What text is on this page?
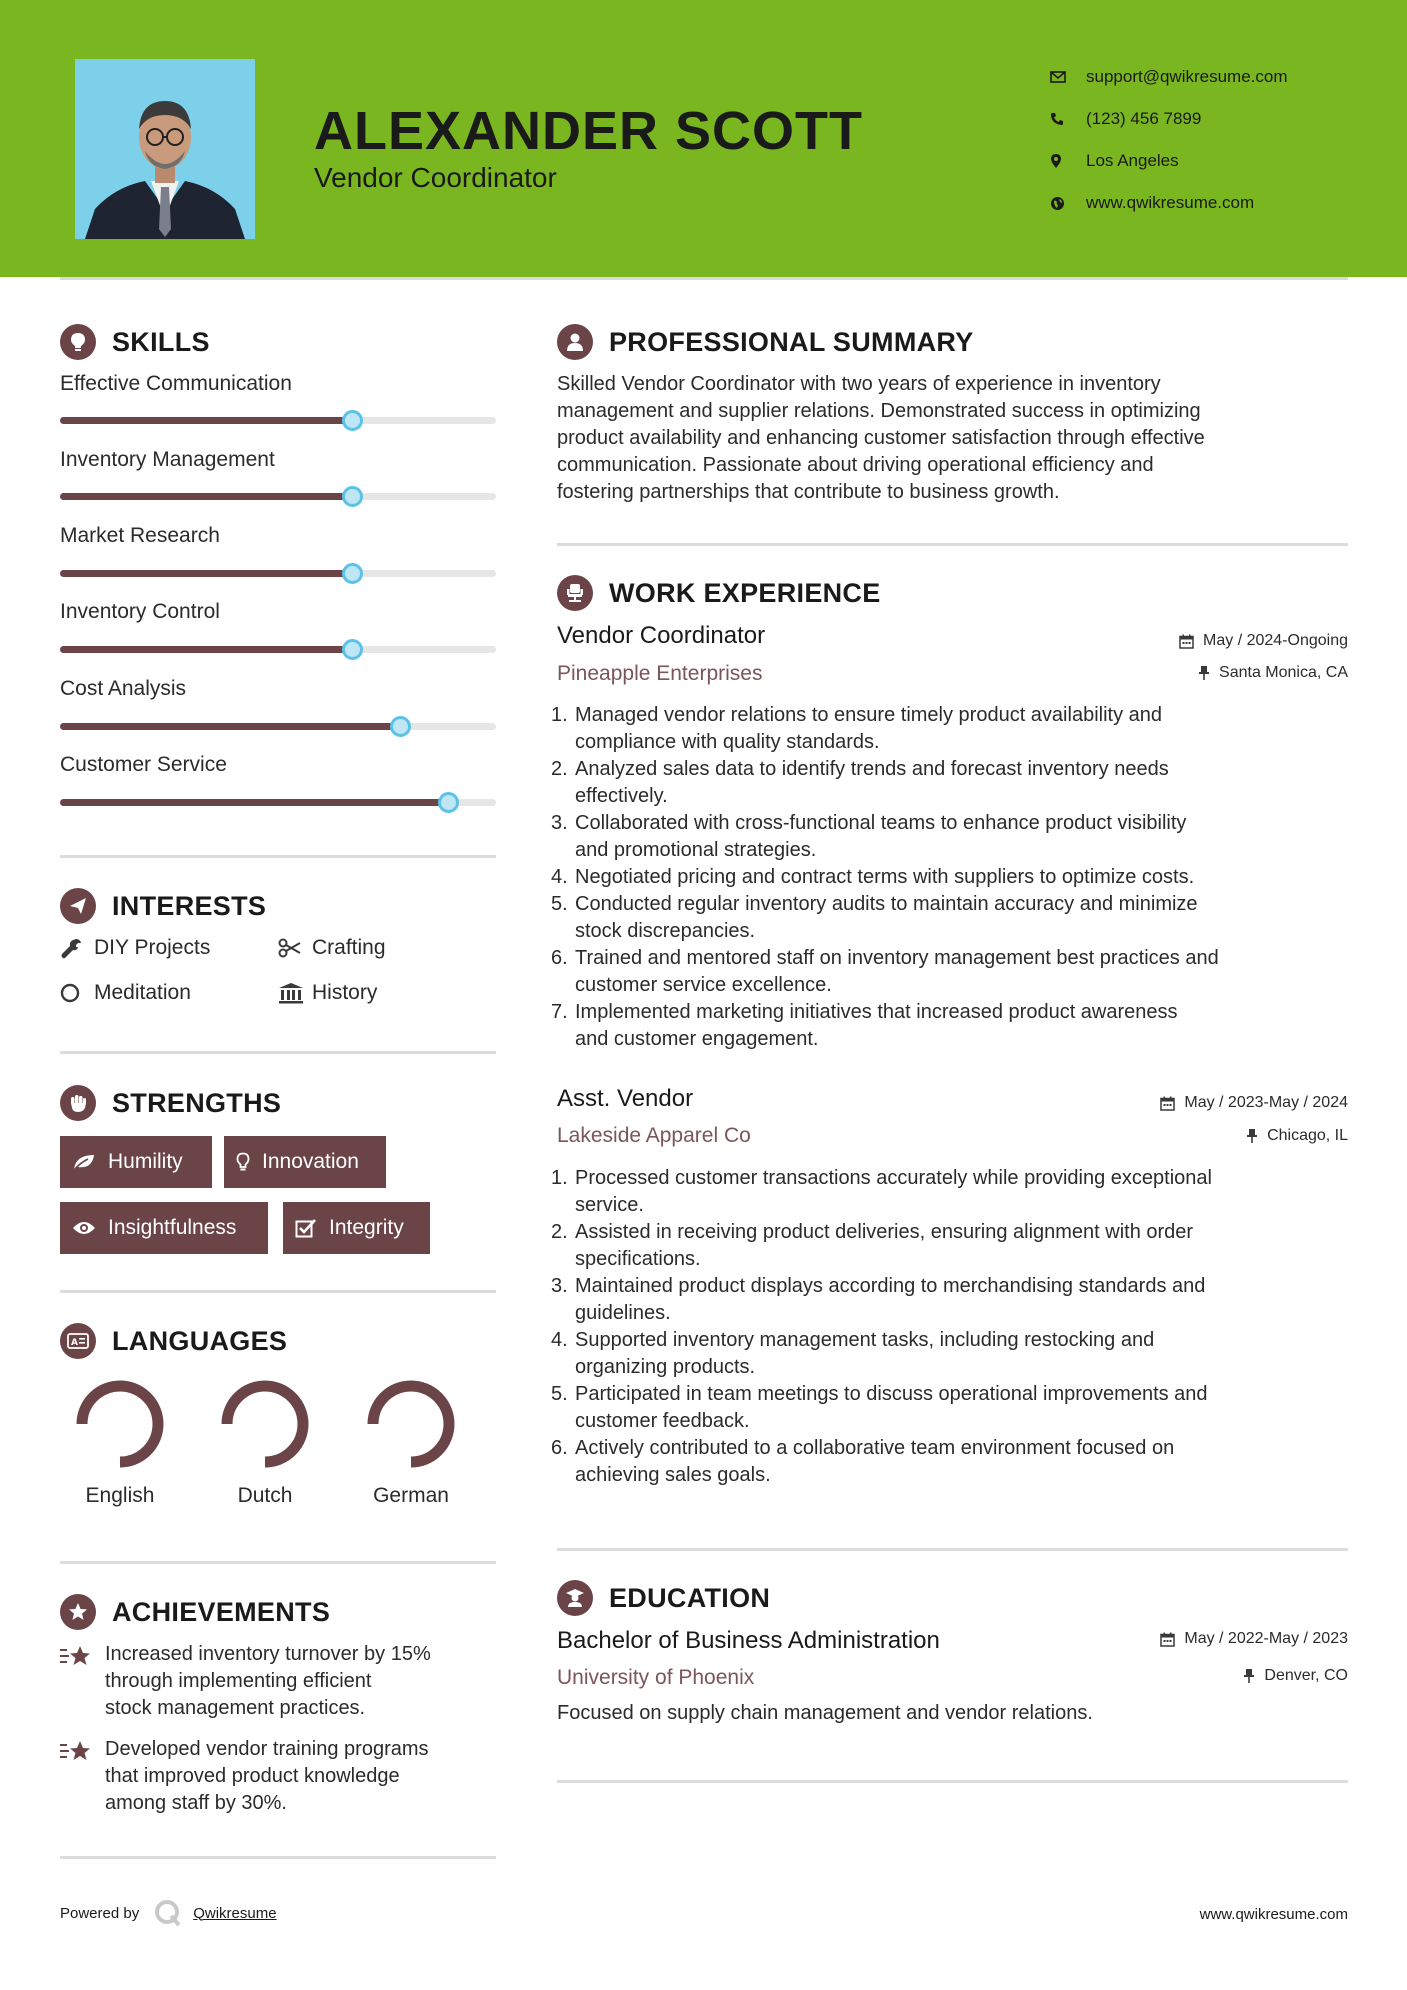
ALEXANDER SCOTT
Vendor Coordinator
support@qwikresume.com
(123) 456 7899
Los Angeles
www.qwikresume.com
SKILLS
Effective Communication
Inventory Management
Market Research
Inventory Control
Cost Analysis
Customer Service
INTERESTS
DIY Projects	Crafting
Meditation	History
STRENGTHS
Humility	Innovation
Insightfulness	Integrity
A LANGUAGES
English	Dutch	German
ACHIEVEMENTS
Increased inventory turnover by 15%
through implementing efficient
stock management practices.
Developed vendor training programs
that improved product knowledge
among staff by 30%.
PROFESSIONAL SUMMARY
Skilled Vendor Coordinator with two years of experience in inventory
management and supplier relations. Demonstrated success in optimizing
product availability and enhancing customer satisfaction through effective
communication. Passionate about driving operational efficiency and
fostering partnerships that contribute to business growth.
WORK EXPERIENCE
Vendor Coordinator	May / 2024-Ongoing
Pineapple Enterprises	Santa Monica, CA
1. Managed vendor relations to ensure timely product availability and
compliance with quality standards.
2. Analyzed sales data to identify trends and forecast inventory needs
effectively.
3. Collaborated with cross-functional teams to enhance product visibility
and promotional strategies.
4. Negotiated pricing and contract terms with suppliers to optimize costs.
5. Conducted regular inventory audits to maintain accuracy and minimize
stock discrepancies.
6. Trained and mentored staff on inventory management best practices and
customer service excellence.
7. Implemented marketing initiatives that increased product awareness
and customer engagement.
Asst. Vendor	May / 2023-May / 2024
Lakeside Apparel Co	Chicago, IL
1. Processed customer transactions accurately while providing exceptional
service.
2. Assisted in receiving product deliveries, ensuring alignment with order
specifications.
3. Maintained product displays according to merchandising standards and
guidelines.
4. Supported inventory management tasks, including restocking and
organizing products.
5. Participated in team meetings to discuss operational improvements and
customer feedback.
6. Actively contributed to a collaborative team environment focused on
achieving sales goals.
EDUCATION
Bachelor of Business Administration	May / 2022-May / 2023
University of Phoenix	Denver, CO
Focused on supply chain management and vendor relations.
Powered by	Qwikresume	www.qwikresume.com
